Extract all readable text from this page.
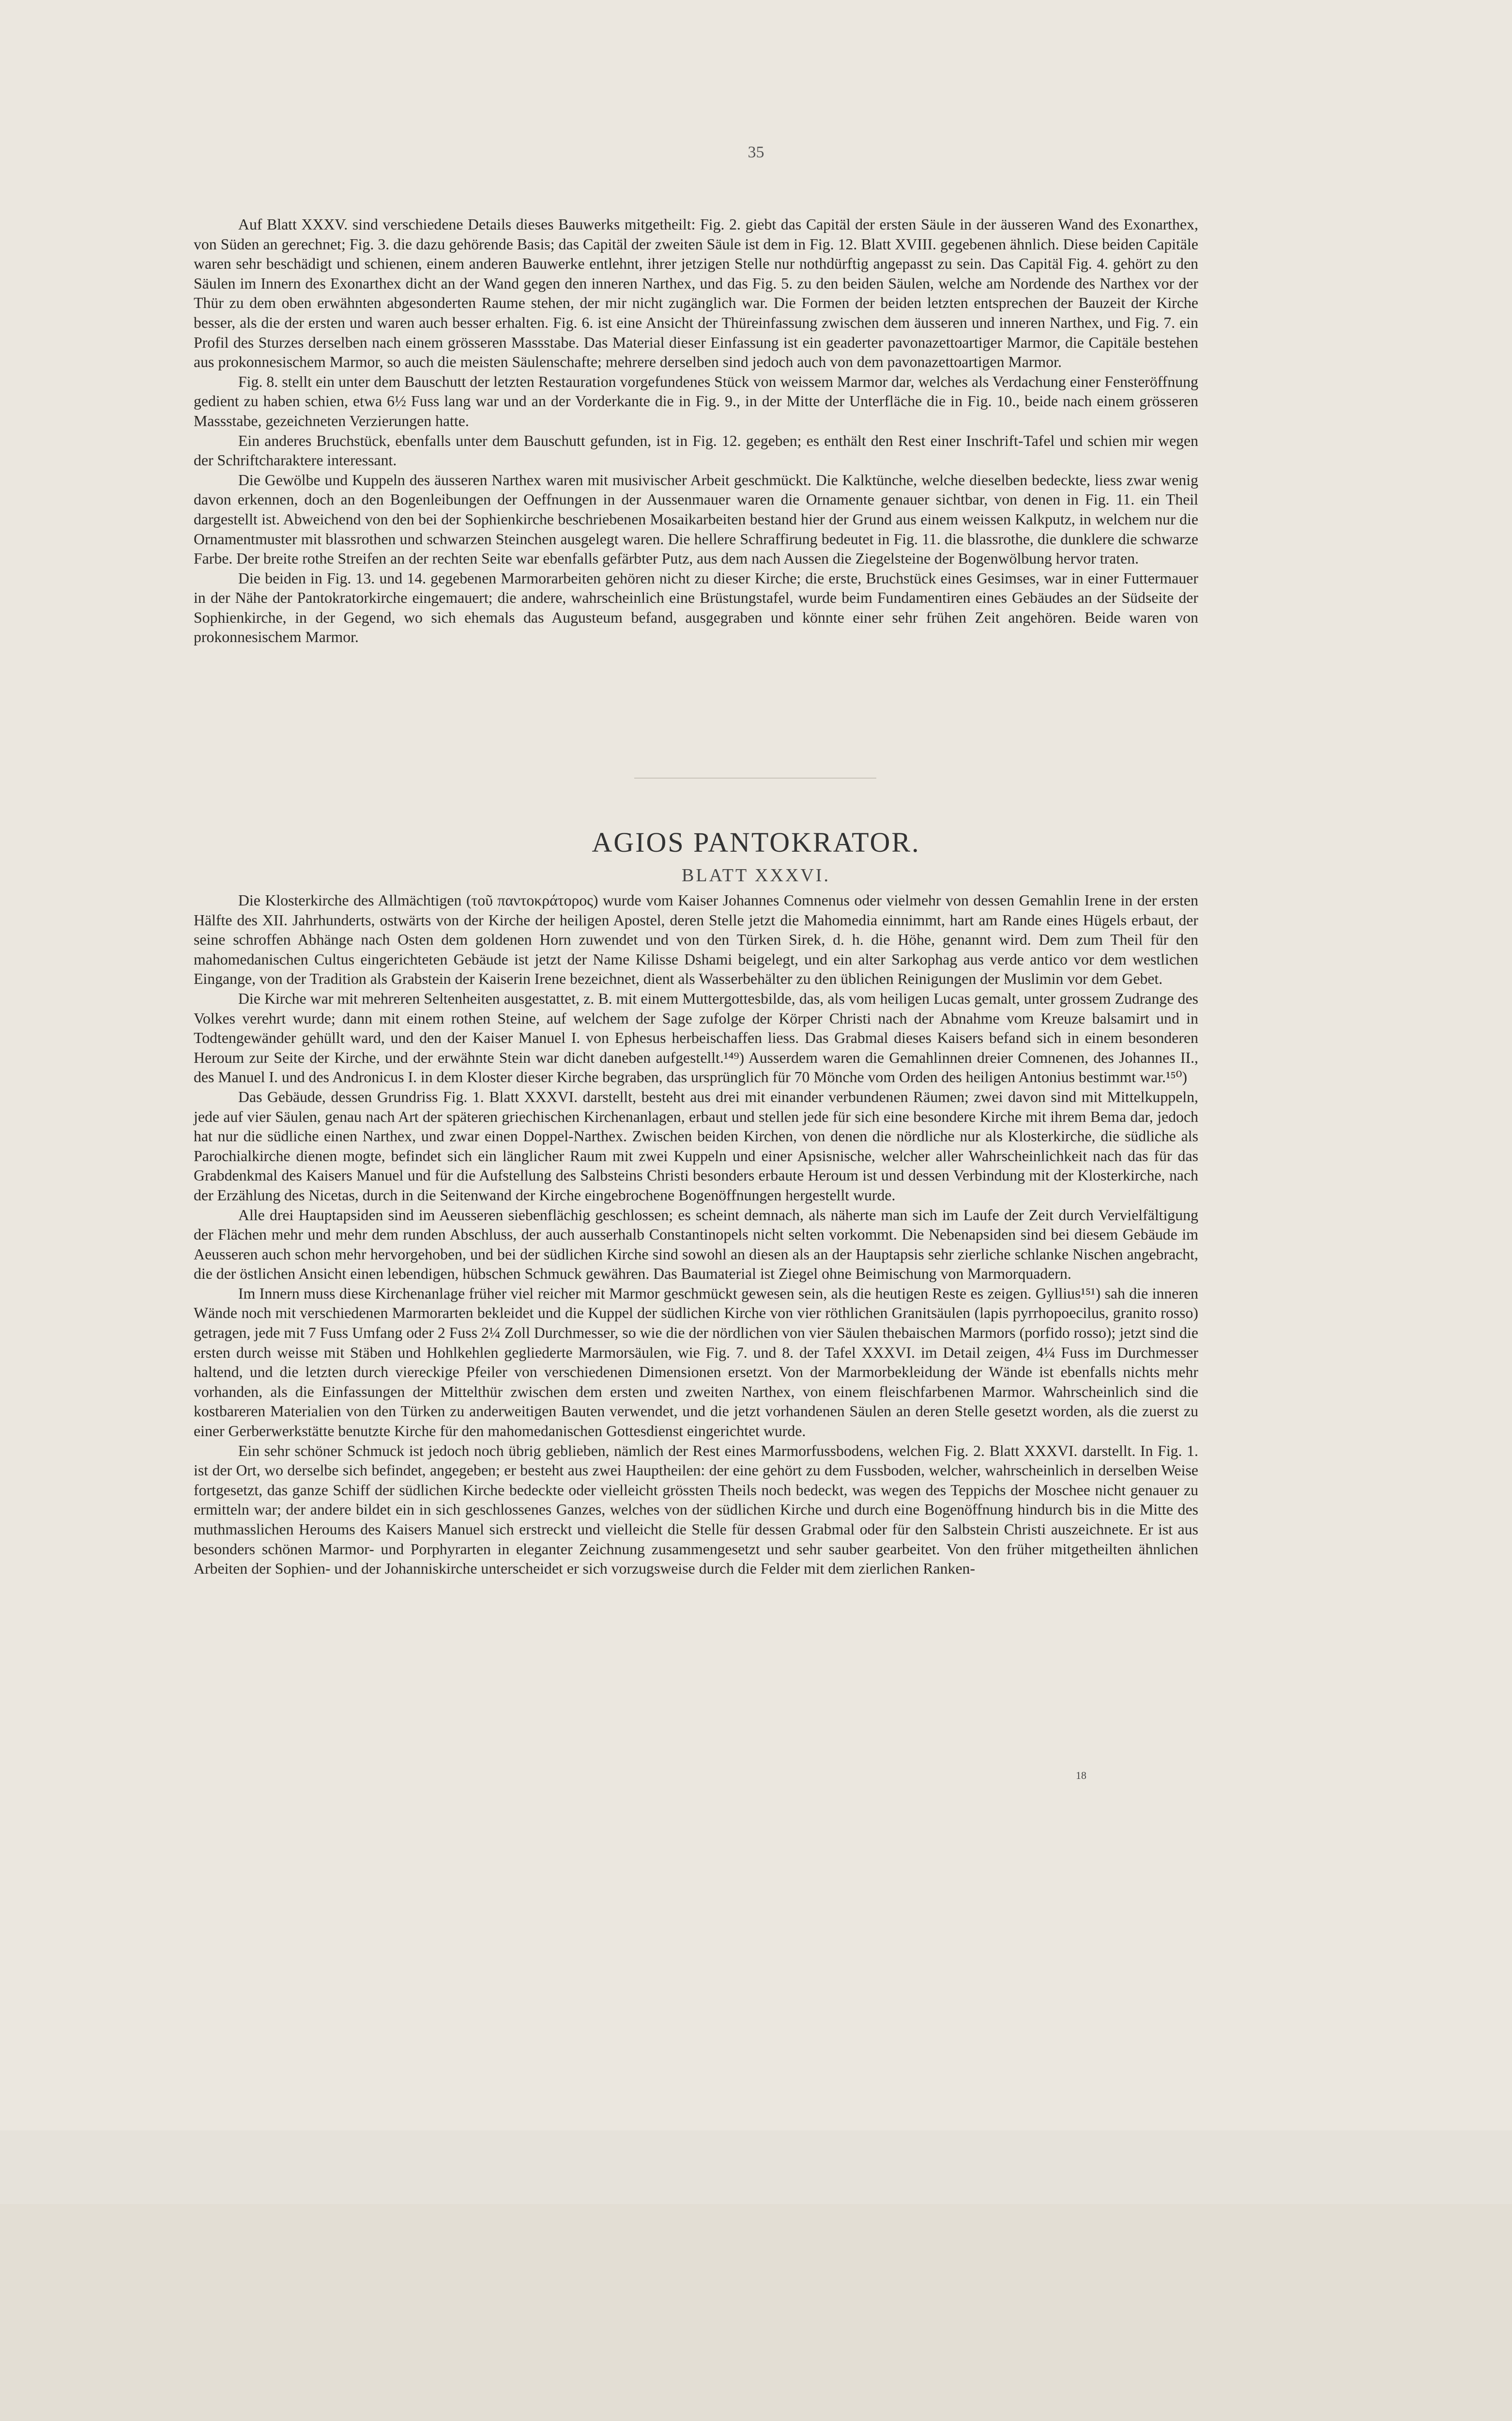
35

Auf Blatt XXXV. sind verschiedene Details dieses Bauwerks mitgetheilt: Fig. 2. giebt das Capitäl der ersten Säule in der äusseren Wand des Exonarthex, von Süden an gerechnet; Fig. 3. die dazu gehörende Basis; das Capitäl der zweiten Säule ist dem in Fig. 12. Blatt XVIII. gegebenen ähnlich. Diese beiden Capitäle waren sehr beschädigt und schienen, einem anderen Bauwerke entlehnt, ihrer jetzigen Stelle nur nothdürftig angepasst zu sein. Das Capitäl Fig. 4. gehört zu den Säulen im Innern des Exonarthex dicht an der Wand gegen den inneren Narthex, und das Fig. 5. zu den beiden Säulen, welche am Nordende des Narthex vor der Thür zu dem oben erwähnten abgesonderten Raume stehen, der mir nicht zugänglich war. Die Formen der beiden letzten entsprechen der Bauzeit der Kirche besser, als die der ersten und waren auch besser erhalten. Fig. 6. ist eine Ansicht der Thüreinfassung zwischen dem äusseren und inneren Narthex, und Fig. 7. ein Profil des Sturzes derselben nach einem grösseren Massstabe. Das Material dieser Einfassung ist ein geaderter pavonazettoartiger Marmor, die Capitäle bestehen aus prokonnesischem Marmor, so auch die meisten Säulenschafte; mehrere derselben sind jedoch auch von dem pavonazettoartigen Marmor.

Fig. 8. stellt ein unter dem Bauschutt der letzten Restauration vorgefundenes Stück von weissem Marmor dar, welches als Verdachung einer Fensteröffnung gedient zu haben schien, etwa 6½ Fuss lang war und an der Vorderkante die in Fig. 9., in der Mitte der Unterfläche die in Fig. 10., beide nach einem grösseren Massstabe, gezeichneten Verzierungen hatte.

Ein anderes Bruchstück, ebenfalls unter dem Bauschutt gefunden, ist in Fig. 12. gegeben; es enthält den Rest einer Inschrift-Tafel und schien mir wegen der Schriftcharaktere interessant.

Die Gewölbe und Kuppeln des äusseren Narthex waren mit musivischer Arbeit geschmückt. Die Kalktünche, welche dieselben bedeckte, liess zwar wenig davon erkennen, doch an den Bogenleibungen der Oeffnungen in der Aussenmauer waren die Ornamente genauer sichtbar, von denen in Fig. 11. ein Theil dargestellt ist. Abweichend von den bei der Sophienkirche beschriebenen Mosaikarbeiten bestand hier der Grund aus einem weissen Kalkputz, in welchem nur die Ornamentmuster mit blassrothen und schwarzen Steinchen ausgelegt waren. Die hellere Schraffirung bedeutet in Fig. 11. die blassrothe, die dunklere die schwarze Farbe. Der breite rothe Streifen an der rechten Seite war ebenfalls gefärbter Putz, aus dem nach Aussen die Ziegelsteine der Bogenwölbung hervor traten.

Die beiden in Fig. 13. und 14. gegebenen Marmorarbeiten gehören nicht zu dieser Kirche; die erste, Bruchstück eines Gesimses, war in einer Futtermauer in der Nähe der Pantokratorkirche eingemauert; die andere, wahrscheinlich eine Brüstungstafel, wurde beim Fundamentiren eines Gebäudes an der Südseite der Sophienkirche, in der Gegend, wo sich ehemals das Augusteum befand, ausgegraben und könnte einer sehr frühen Zeit angehören. Beide waren von prokonnesischem Marmor.

AGIOS PANTOKRATOR.
BLATT XXXVI.

Die Klosterkirche des Allmächtigen (τοῦ παντοκράτορος) wurde vom Kaiser Johannes Comnenus oder vielmehr von dessen Gemahlin Irene in der ersten Hälfte des XII. Jahrhunderts, ostwärts von der Kirche der heiligen Apostel, deren Stelle jetzt die Mahomedia einnimmt, hart am Rande eines Hügels erbaut, der seine schroffen Abhänge nach Osten dem goldenen Horn zuwendet und von den Türken Sirek, d. h. die Höhe, genannt wird. Dem zum Theil für den mahomedanischen Cultus eingerichteten Gebäude ist jetzt der Name Kilisse Dshami beigelegt, und ein alter Sarkophag aus verde antico vor dem westlichen Eingange, von der Tradition als Grabstein der Kaiserin Irene bezeichnet, dient als Wasserbehälter zu den üblichen Reinigungen der Muslimin vor dem Gebet.

Die Kirche war mit mehreren Seltenheiten ausgestattet, z. B. mit einem Muttergottesbilde, das, als vom heiligen Lucas gemalt, unter grossem Zudrange des Volkes verehrt wurde; dann mit einem rothen Steine, auf welchem der Sage zufolge der Körper Christi nach der Abnahme vom Kreuze balsamirt und in Todtengewänder gehüllt ward, und den der Kaiser Manuel I. von Ephesus herbeischaffen liess. Das Grabmal dieses Kaisers befand sich in einem besonderen Heroum zur Seite der Kirche, und der erwähnte Stein war dicht daneben aufgestellt.¹⁴⁹) Ausserdem waren die Gemahlinnen dreier Comnenen, des Johannes II., des Manuel I. und des Andronicus I. in dem Kloster dieser Kirche begraben, das ursprünglich für 70 Mönche vom Orden des heiligen Antonius bestimmt war.¹⁵⁰)

Das Gebäude, dessen Grundriss Fig. 1. Blatt XXXVI. darstellt, besteht aus drei mit einander verbundenen Räumen; zwei davon sind mit Mittelkuppeln, jede auf vier Säulen, genau nach Art der späteren griechischen Kirchenanlagen, erbaut und stellen jede für sich eine besondere Kirche mit ihrem Bema dar, jedoch hat nur die südliche einen Narthex, und zwar einen Doppel-Narthex. Zwischen beiden Kirchen, von denen die nördliche nur als Klosterkirche, die südliche als Parochialkirche dienen mogte, befindet sich ein länglicher Raum mit zwei Kuppeln und einer Apsisnische, welcher aller Wahrscheinlichkeit nach das für das Grabdenkmal des Kaisers Manuel und für die Aufstellung des Salbsteins Christi besonders erbaute Heroum ist und dessen Verbindung mit der Klosterkirche, nach der Erzählung des Nicetas, durch in die Seitenwand der Kirche eingebrochene Bogenöffnungen hergestellt wurde.

Alle drei Hauptapsiden sind im Aeusseren siebenflächig geschlossen; es scheint demnach, als näherte man sich im Laufe der Zeit durch Vervielfältigung der Flächen mehr und mehr dem runden Abschluss, der auch ausserhalb Constantinopels nicht selten vorkommt. Die Nebenapsiden sind bei diesem Gebäude im Aeusseren auch schon mehr hervorgehoben, und bei der südlichen Kirche sind sowohl an diesen als an der Hauptapsis sehr zierliche schlanke Nischen angebracht, die der östlichen Ansicht einen lebendigen, hübschen Schmuck gewähren. Das Baumaterial ist Ziegel ohne Beimischung von Marmorquadern.

Im Innern muss diese Kirchenanlage früher viel reicher mit Marmor geschmückt gewesen sein, als die heutigen Reste es zeigen. Gyllius¹⁵¹) sah die inneren Wände noch mit verschiedenen Marmorarten bekleidet und die Kuppel der südlichen Kirche von vier röthlichen Granitsäulen (lapis pyrrhopoecilus, granito rosso) getragen, jede mit 7 Fuss Umfang oder 2 Fuss 2¼ Zoll Durchmesser, so wie die der nördlichen von vier Säulen thebaischen Marmors (porfido rosso); jetzt sind die ersten durch weisse mit Stäben und Hohlkehlen gegliederte Marmorsäulen, wie Fig. 7. und 8. der Tafel XXXVI. im Detail zeigen, 4¼ Fuss im Durchmesser haltend, und die letzten durch viereckige Pfeiler von verschiedenen Dimensionen ersetzt. Von der Marmorbekleidung der Wände ist ebenfalls nichts mehr vorhanden, als die Einfassungen der Mittelthür zwischen dem ersten und zweiten Narthex, von einem fleischfarbenen Marmor. Wahrscheinlich sind die kostbareren Materialien von den Türken zu anderweitigen Bauten verwendet, und die jetzt vorhandenen Säulen an deren Stelle gesetzt worden, als die zuerst zu einer Gerberwerkstätte benutzte Kirche für den mahomedanischen Gottesdienst eingerichtet wurde.

Ein sehr schöner Schmuck ist jedoch noch übrig geblieben, nämlich der Rest eines Marmorfussbodens, welchen Fig. 2. Blatt XXXVI. darstellt. In Fig. 1. ist der Ort, wo derselbe sich befindet, angegeben; er besteht aus zwei Hauptheilen: der eine gehört zu dem Fussboden, welcher, wahrscheinlich in derselben Weise fortgesetzt, das ganze Schiff der südlichen Kirche bedeckte oder vielleicht grössten Theils noch bedeckt, was wegen des Teppichs der Moschee nicht genauer zu ermitteln war; der andere bildet ein in sich geschlossenes Ganzes, welches von der südlichen Kirche und durch eine Bogenöffnung hindurch bis in die Mitte des muthmasslichen Heroums des Kaisers Manuel sich erstreckt und vielleicht die Stelle für dessen Grabmal oder für den Salbstein Christi auszeichnete. Er ist aus besonders schönen Marmor- und Porphyrarten in eleganter Zeichnung zusammengesetzt und sehr sauber gearbeitet. Von den früher mitgetheilten ähnlichen Arbeiten der Sophien- und der Johanniskirche unterscheidet er sich vorzugsweise durch die Felder mit dem zierlichen Ranken-

18
